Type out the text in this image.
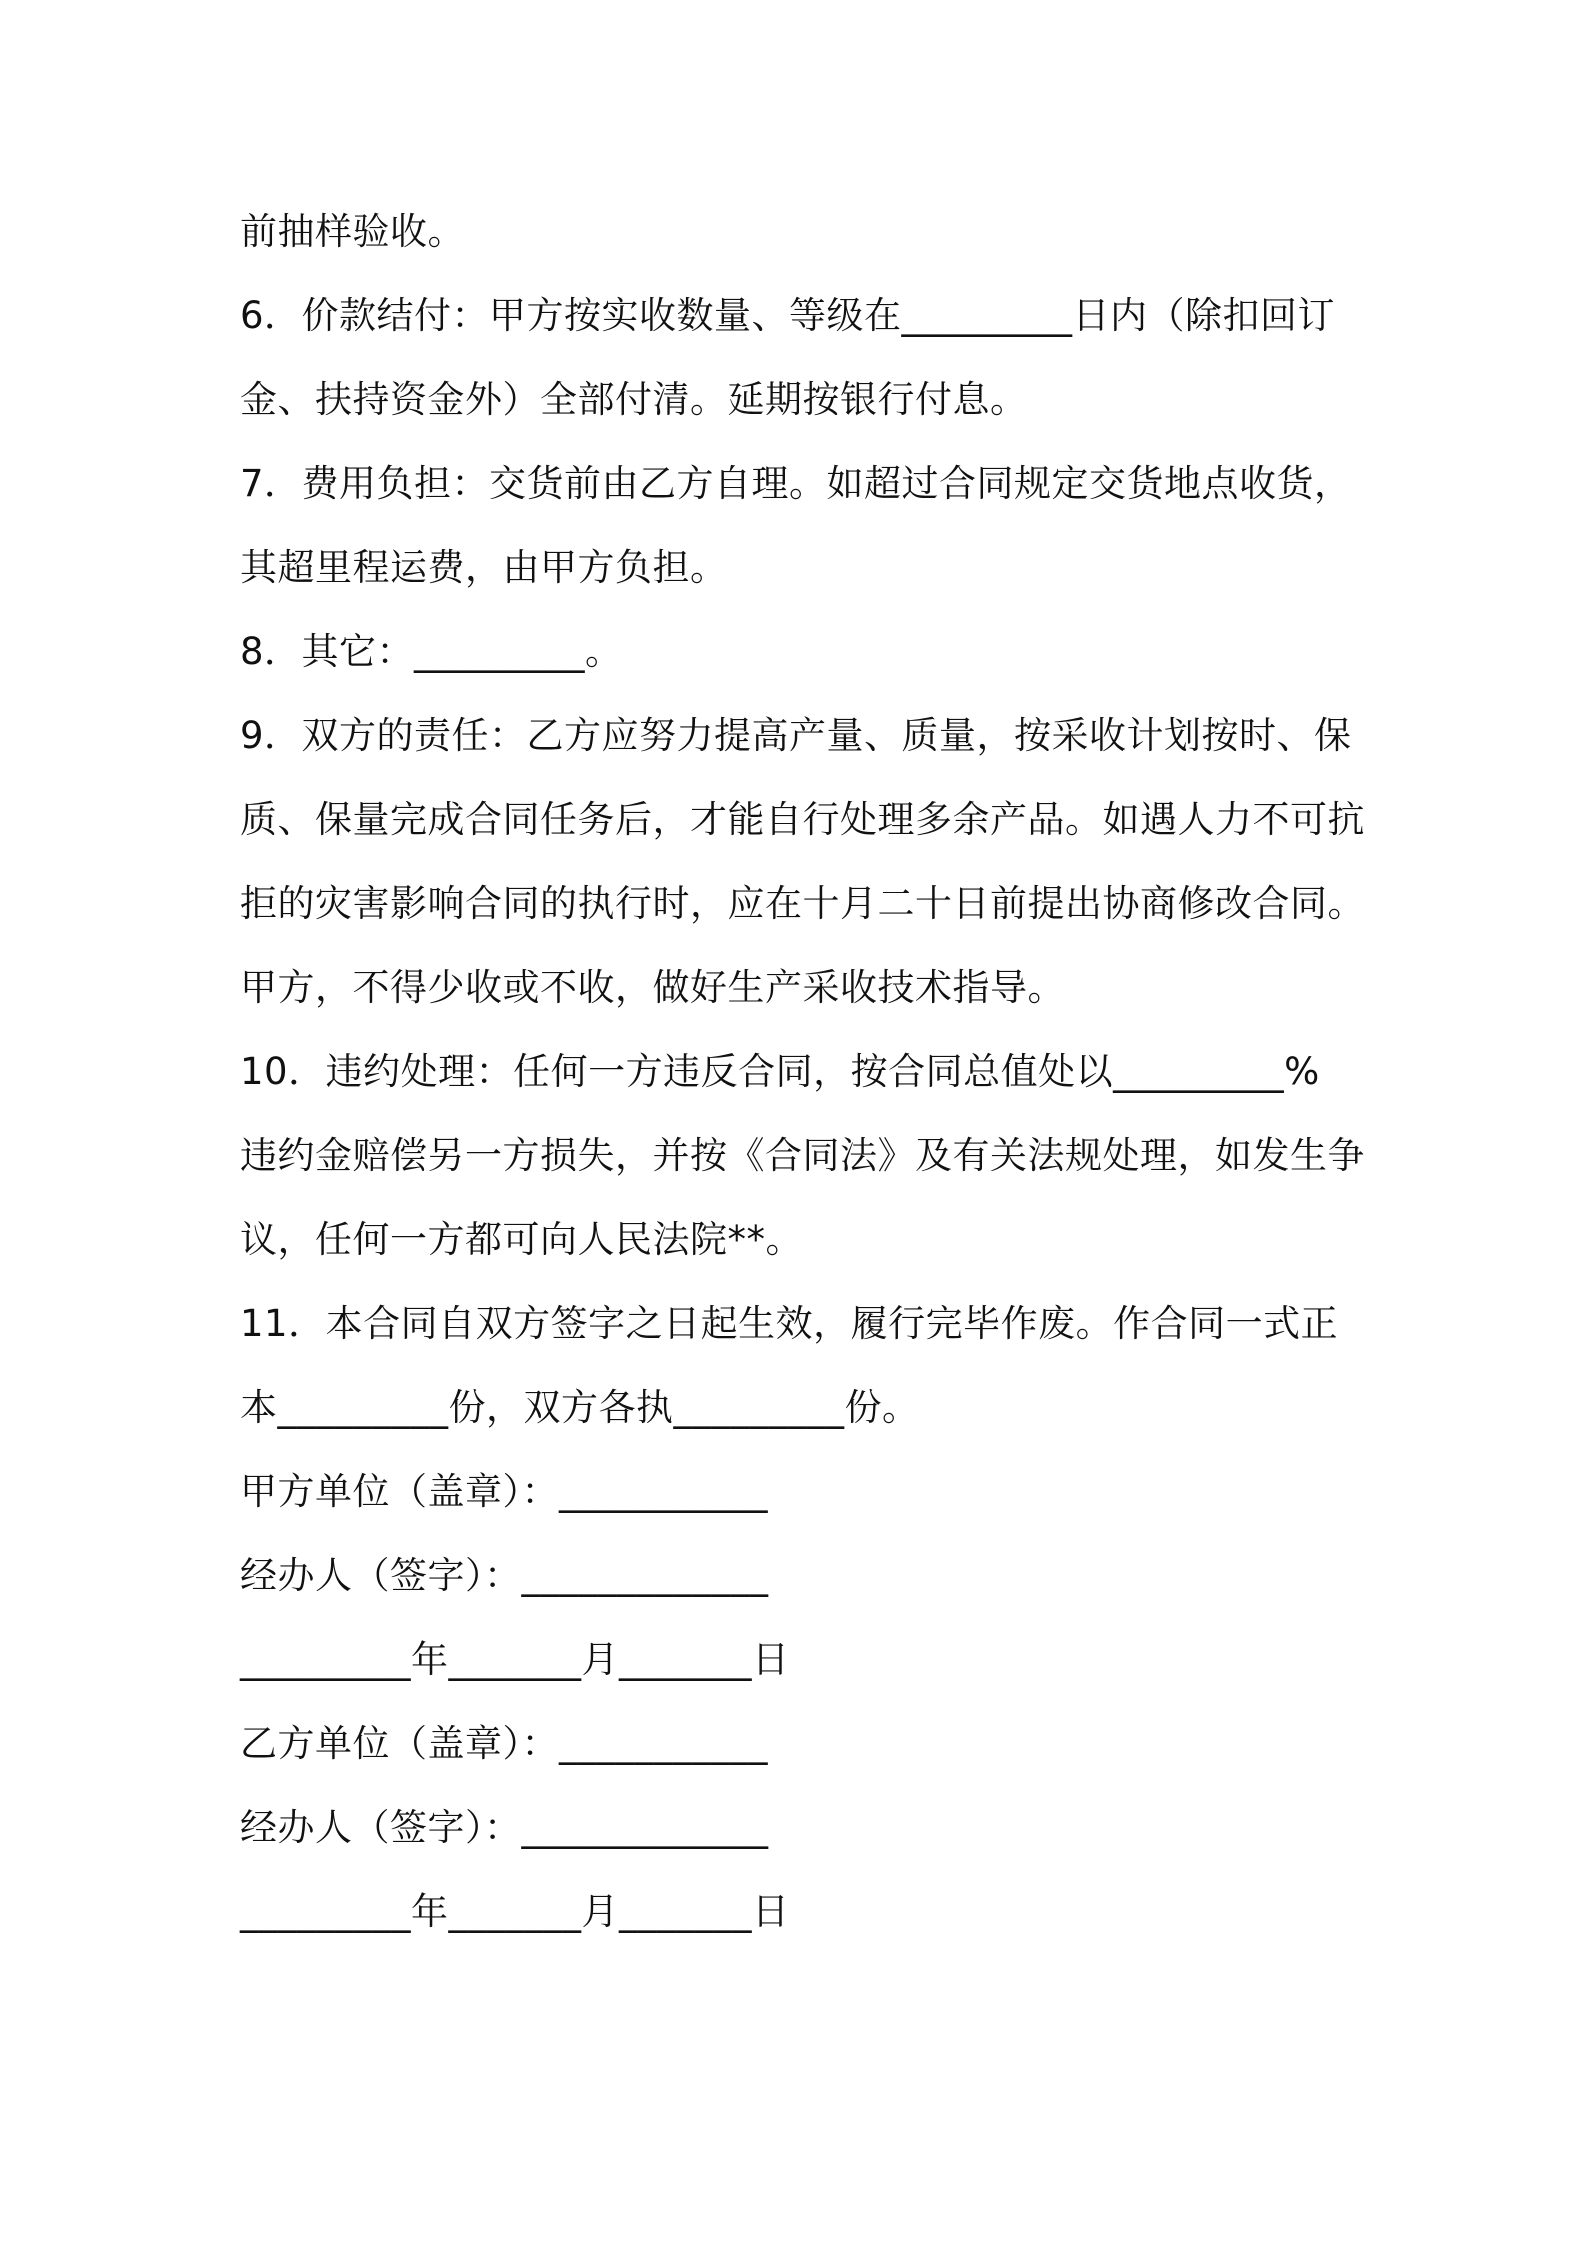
前抽样验收。
6．价款结付：甲方按实收数量、等级在_________日内（除扣回订
金、扶持资金外）全部付清。延期按银行付息。
7．费用负担：交货前由乙方自理。如超过合同规定交货地点收货，
其超里程运费，由甲方负担。
8．其它：_________。
9．双方的责任：乙方应努力提高产量、质量，按采收计划按时、保
质、保量完成合同任务后，才能自行处理多余产品。如遇人力不可抗
拒的灾害影响合同的执行时，应在十月二十日前提出协商修改合同。
甲方，不得少收或不收，做好生产采收技术指导。
10．违约处理：任何一方违反合同，按合同总值处以_________%
违约金赔偿另一方损失，并按《合同法》及有关法规处理，如发生争
议，任何一方都可向人民法院**。
11．本合同自双方签字之日起生效，履行完毕作废。作合同一式正
本_________份，双方各执_________份。
甲方单位（盖章）：___________
经办人（签字）：_____________
_________年_______月_______日
乙方单位（盖章）：___________
经办人（签字）：_____________
_________年_______月_______日
